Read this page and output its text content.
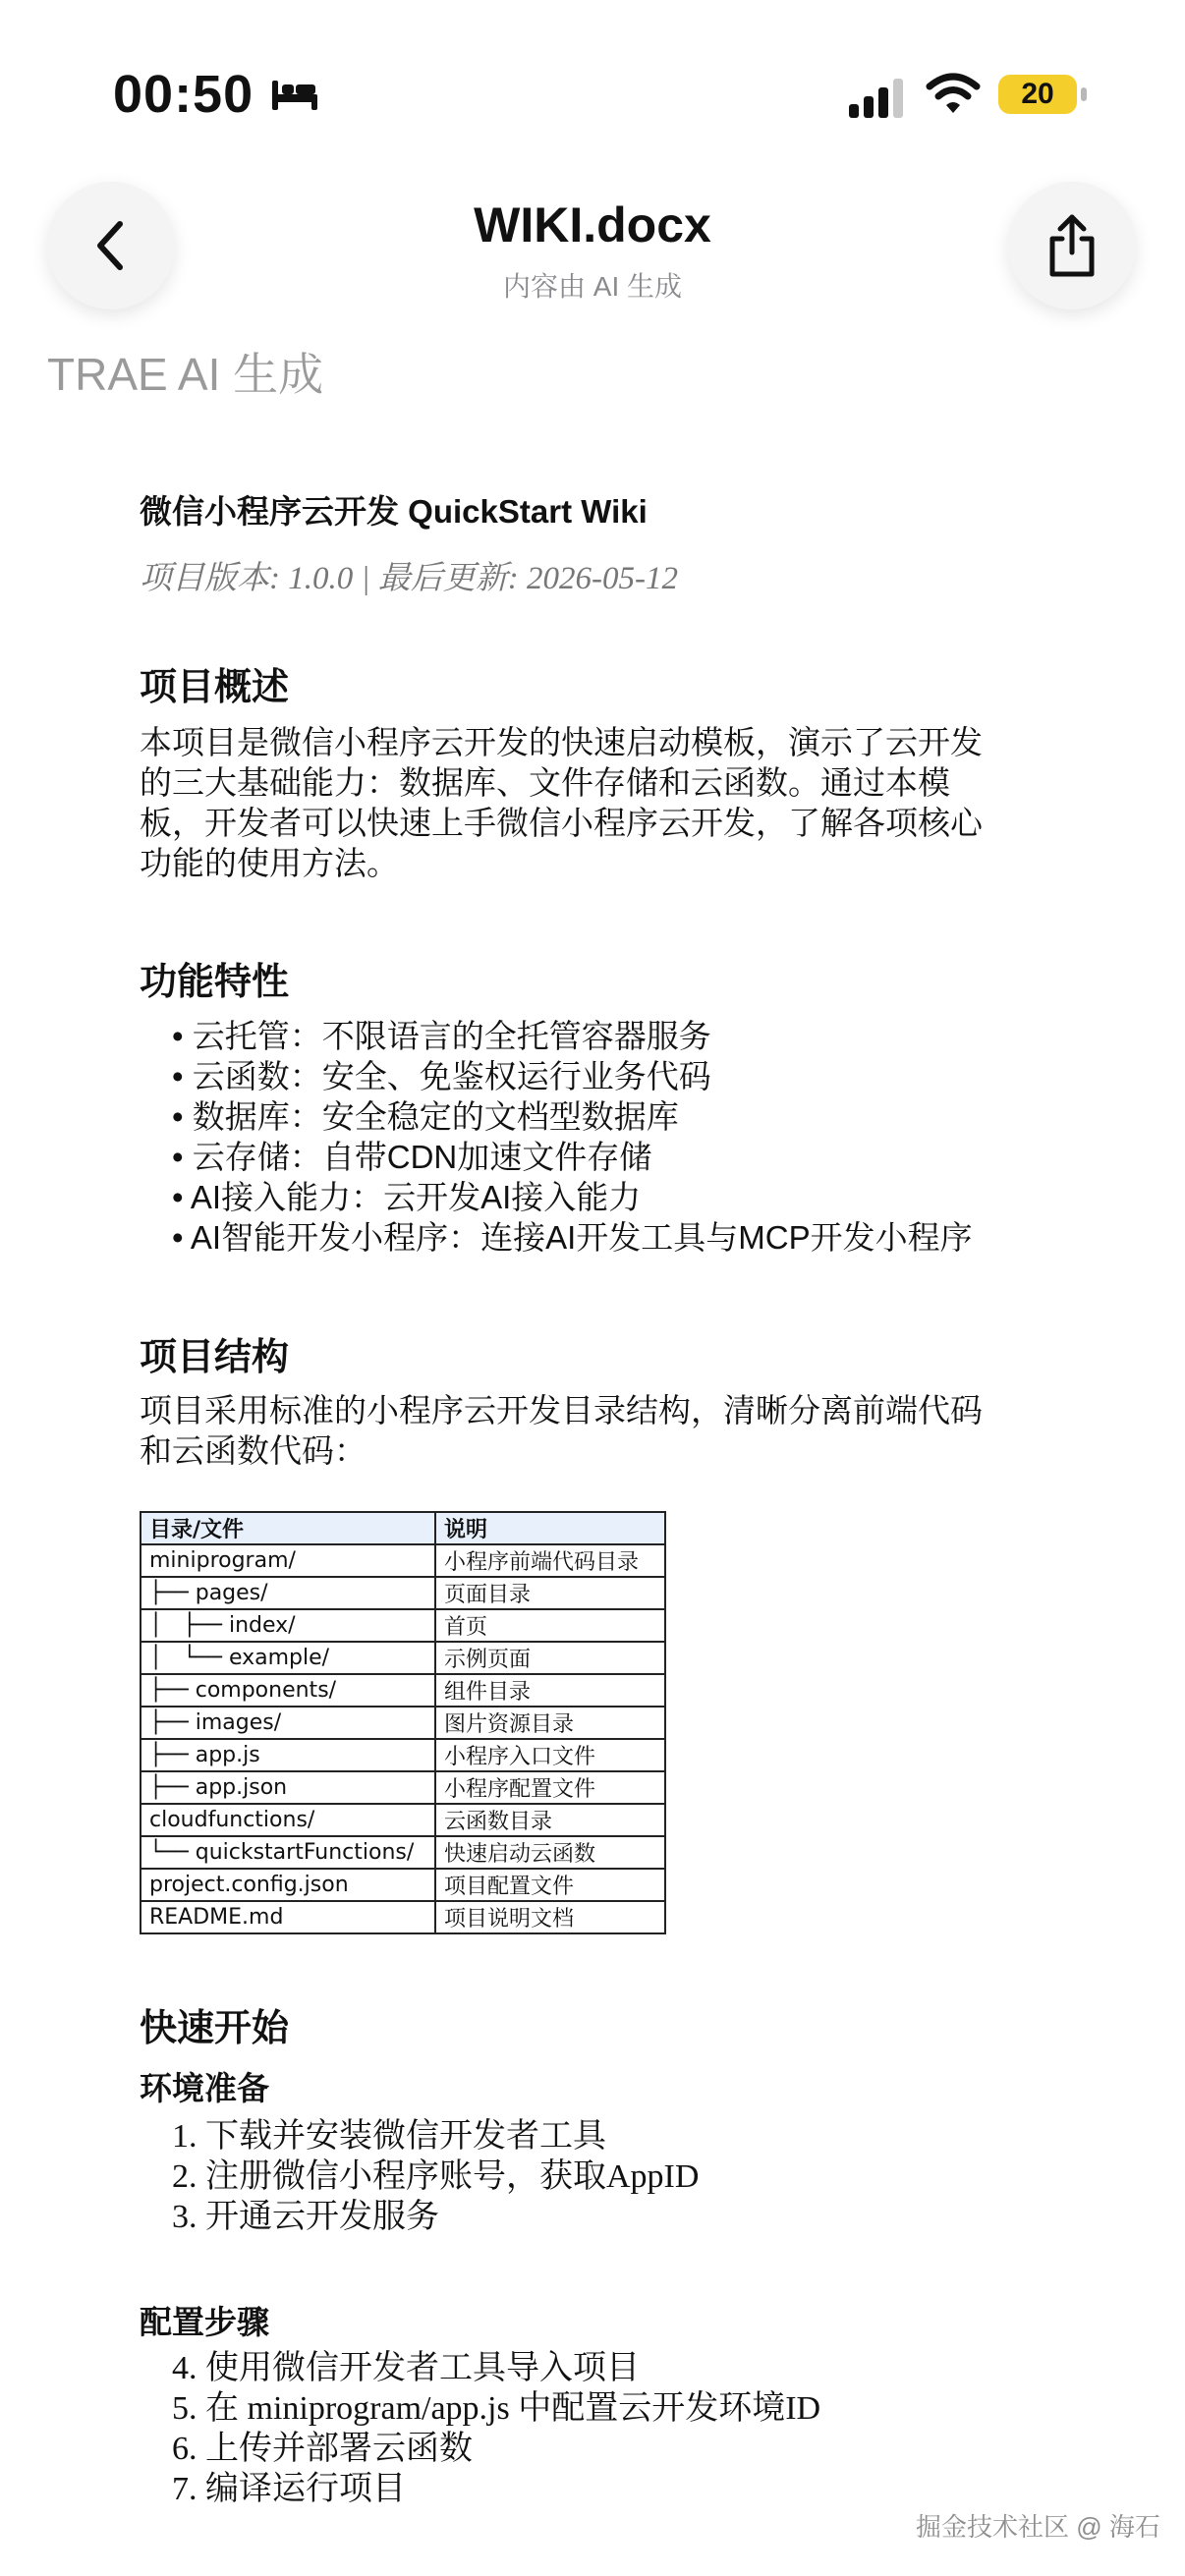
00:50	20
WIKI.docx
内容由 AI 生成
TRAE AI 生成
微信小程序云开发 QuickStart Wiki
项目版本: 1.0.0 | 最后更新: 2026-05-12
项目概述
本项目是微信小程序云开发的快速启动模板，演示了云开发
的三大基础能力：数据库、文件存储和云函数。通过本模
板，开发者可以快速上手微信小程序云开发，了解各项核心
功能的使用方法。
功能特性
• 云托管：不限语言的全托管容器服务
• 云函数：安全、免鉴权运行业务代码
• 数据库：安全稳定的文档型数据库
• 云存储：自带CDN加速文件存储
• AI接入能力：云开发AI接入能力
• AI智能开发小程序：连接AI开发工具与MCP开发小程序
项目结构
项目采用标准的小程序云开发目录结构，清晰分离前端代码
和云函数代码：
目录/文件	说明
miniprogram/	小程序前端代码目录
├── pages/	页面目录
│   ├── index/	首页
│   └── example/	示例页面
├── components/	组件目录
├── images/	图片资源目录
├── app.js	小程序入口文件
├── app.json	小程序配置文件
cloudfunctions/	云函数目录
└── quickstartFunctions/	快速启动云函数
project.config.json	项目配置文件
README.md	项目说明文档
快速开始
环境准备
1. 下载并安装微信开发者工具
2. 注册微信小程序账号，获取AppID
3. 开通云开发服务
配置步骤
4. 使用微信开发者工具导入项目
5. 在 miniprogram/app.js 中配置云开发环境ID
6. 上传并部署云函数
7. 编译运行项目
掘金技术社区 @ 海石
